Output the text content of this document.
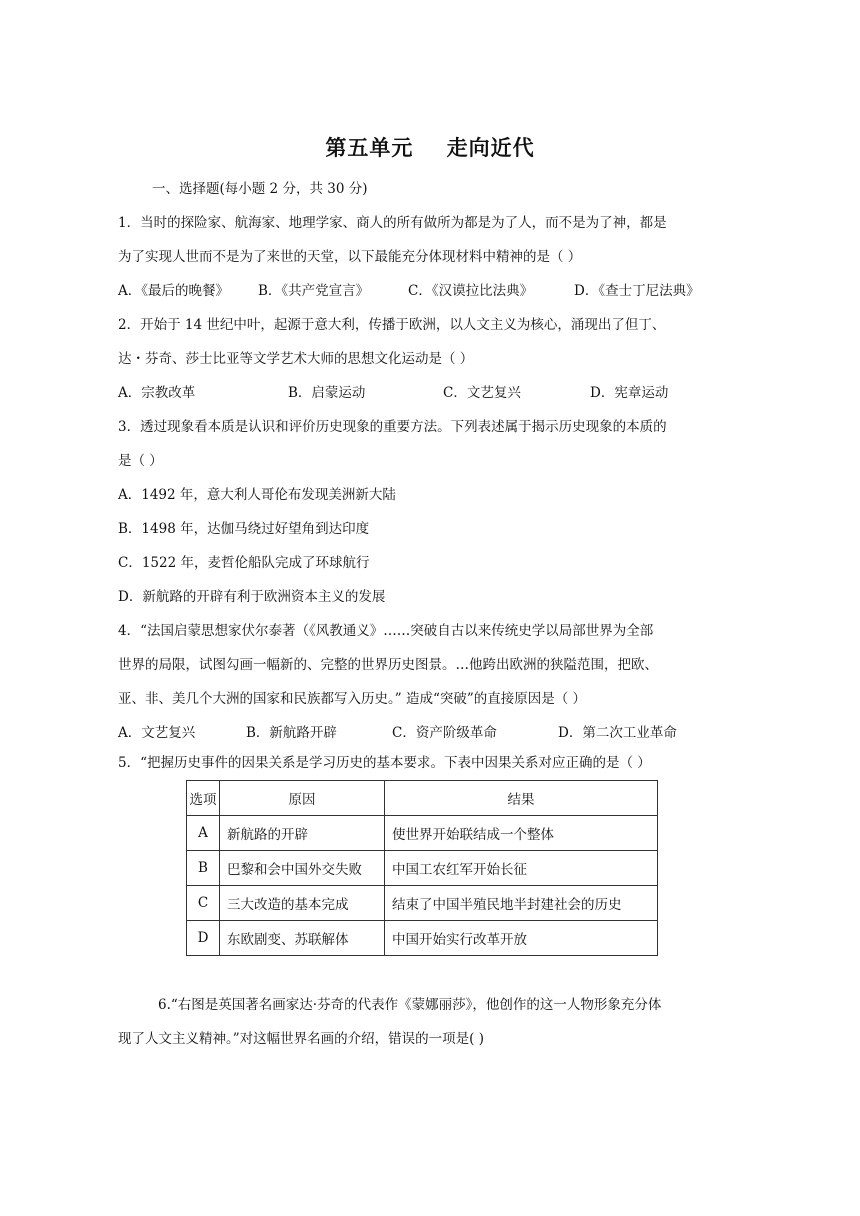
第五单元    走向近代
一、选择题(每小题 2 分，共 30 分)
1．当时的探险家、航海家、地理学家、商人的所有做所为都是为了人，而不是为了神，都是
为了实现人世而不是为了来世的天堂，以下最能充分体现材料中精神的是（ ）
A．《最后的晚餐》	B．《共产党宣言》	C．《汉谟拉比法典》	D．《查士丁尼法典》
2．开始于 14 世纪中叶，起源于意大利，传播于欧洲，以人文主义为核心，涌现出了但丁、
达・芬奇、莎士比亚等文学艺术大师的思想文化运动是（ ）
A．宗教改革	B．启蒙运动	C．文艺复兴	D．宪章运动
3．透过现象看本质是认识和评价历史现象的重要方法。下列表述属于揭示历史现象的本质的
是（ ）
A．1492 年，意大利人哥伦布发现美洲新大陆
B．1498 年，达伽马绕过好望角到达印度
C．1522 年，麦哲伦船队完成了环球航行
D．新航路的开辟有利于欧洲资本主义的发展
4．“法国启蒙思想家伏尔泰著（《风教通义》……突破自古以来传统史学以局部世界为全部
世界的局限，试图勾画一幅新的、完整的世界历史图景。…他跨出欧洲的狭隘范围，把欧、
亚、非、美几个大洲的国家和民族都写入历史。” 造成“突破”的直接原因是（ ）
A．文艺复兴	B．新航路开辟	C．资产阶级革命	D．第二次工业革命
5．“把握历史事件的因果关系是学习历史的基本要求。下表中因果关系对应正确的是（ ）
选项	原因	结果
A	新航路的开辟	使世界开始联结成一个整体
B	巴黎和会中国外交失败	中国工农红军开始长征
C	三大改造的基本完成	结束了中国半殖民地半封建社会的历史
D	东欧剧变、苏联解体	中国开始实行改革开放
6.“右图是英国著名画家达·芬奇的代表作《蒙娜丽莎》，他创作的这一人物形象充分体
现了人文主义精神。”对这幅世界名画的介绍，错误的一项是( )
